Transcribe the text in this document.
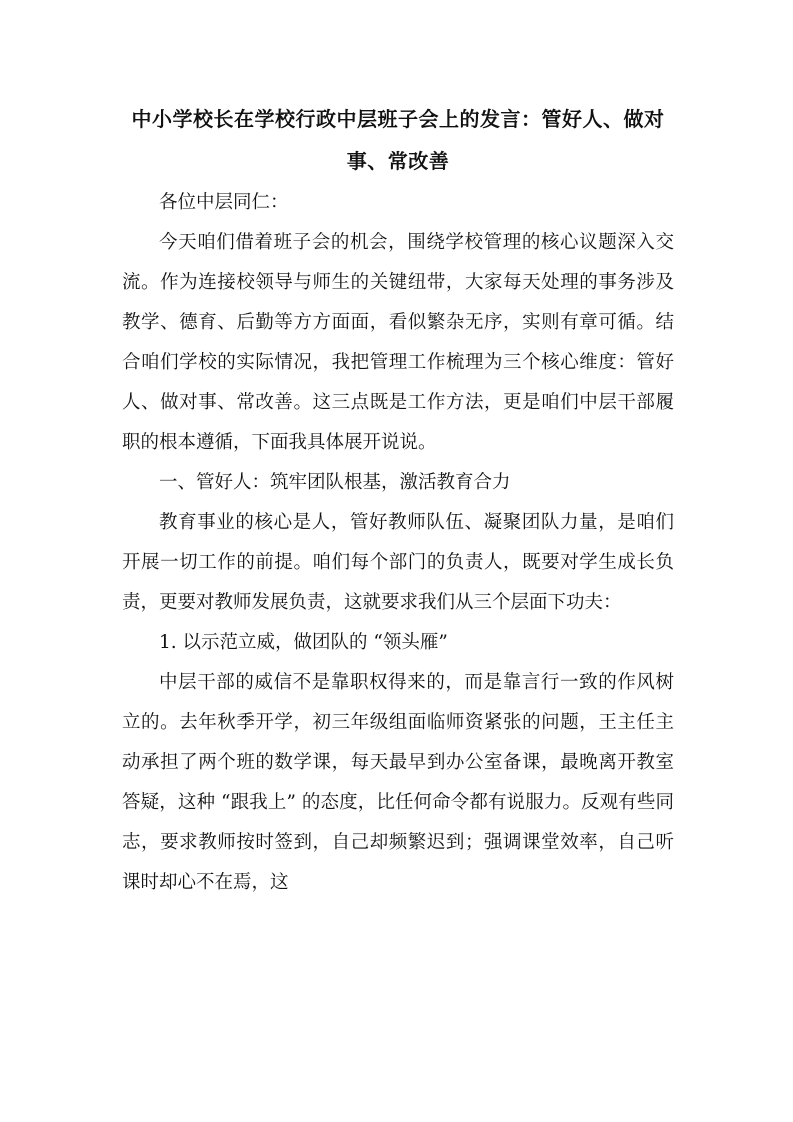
中小学校长在学校行政中层班子会上的发言：管好人、做对事、常改善

各位中层同仁：

今天咱们借着班子会的机会，围绕学校管理的核心议题深入交流。作为连接校领导与师生的关键纽带，大家每天处理的事务涉及教学、德育、后勤等方方面面，看似繁杂无序，实则有章可循。结合咱们学校的实际情况，我把管理工作梳理为三个核心维度：管好人、做对事、常改善。这三点既是工作方法，更是咱们中层干部履职的根本遵循，下面我具体展开说说。

一、管好人：筑牢团队根基，激活教育合力

教育事业的核心是人，管好教师队伍、凝聚团队力量，是咱们开展一切工作的前提。咱们每个部门的负责人，既要对学生成长负责，更要对教师发展负责，这就要求我们从三个层面下功夫：

1. 以示范立威，做团队的 “领头雁”

中层干部的威信不是靠职权得来的，而是靠言行一致的作风树立的。去年秋季开学，初三年级组面临师资紧张的问题，王主任主动承担了两个班的数学课，每天最早到办公室备课，最晚离开教室答疑，这种 “跟我上” 的态度，比任何命令都有说服力。反观有些同志，要求教师按时签到，自己却频繁迟到；强调课堂效率，自己听课时却心不在焉，这
